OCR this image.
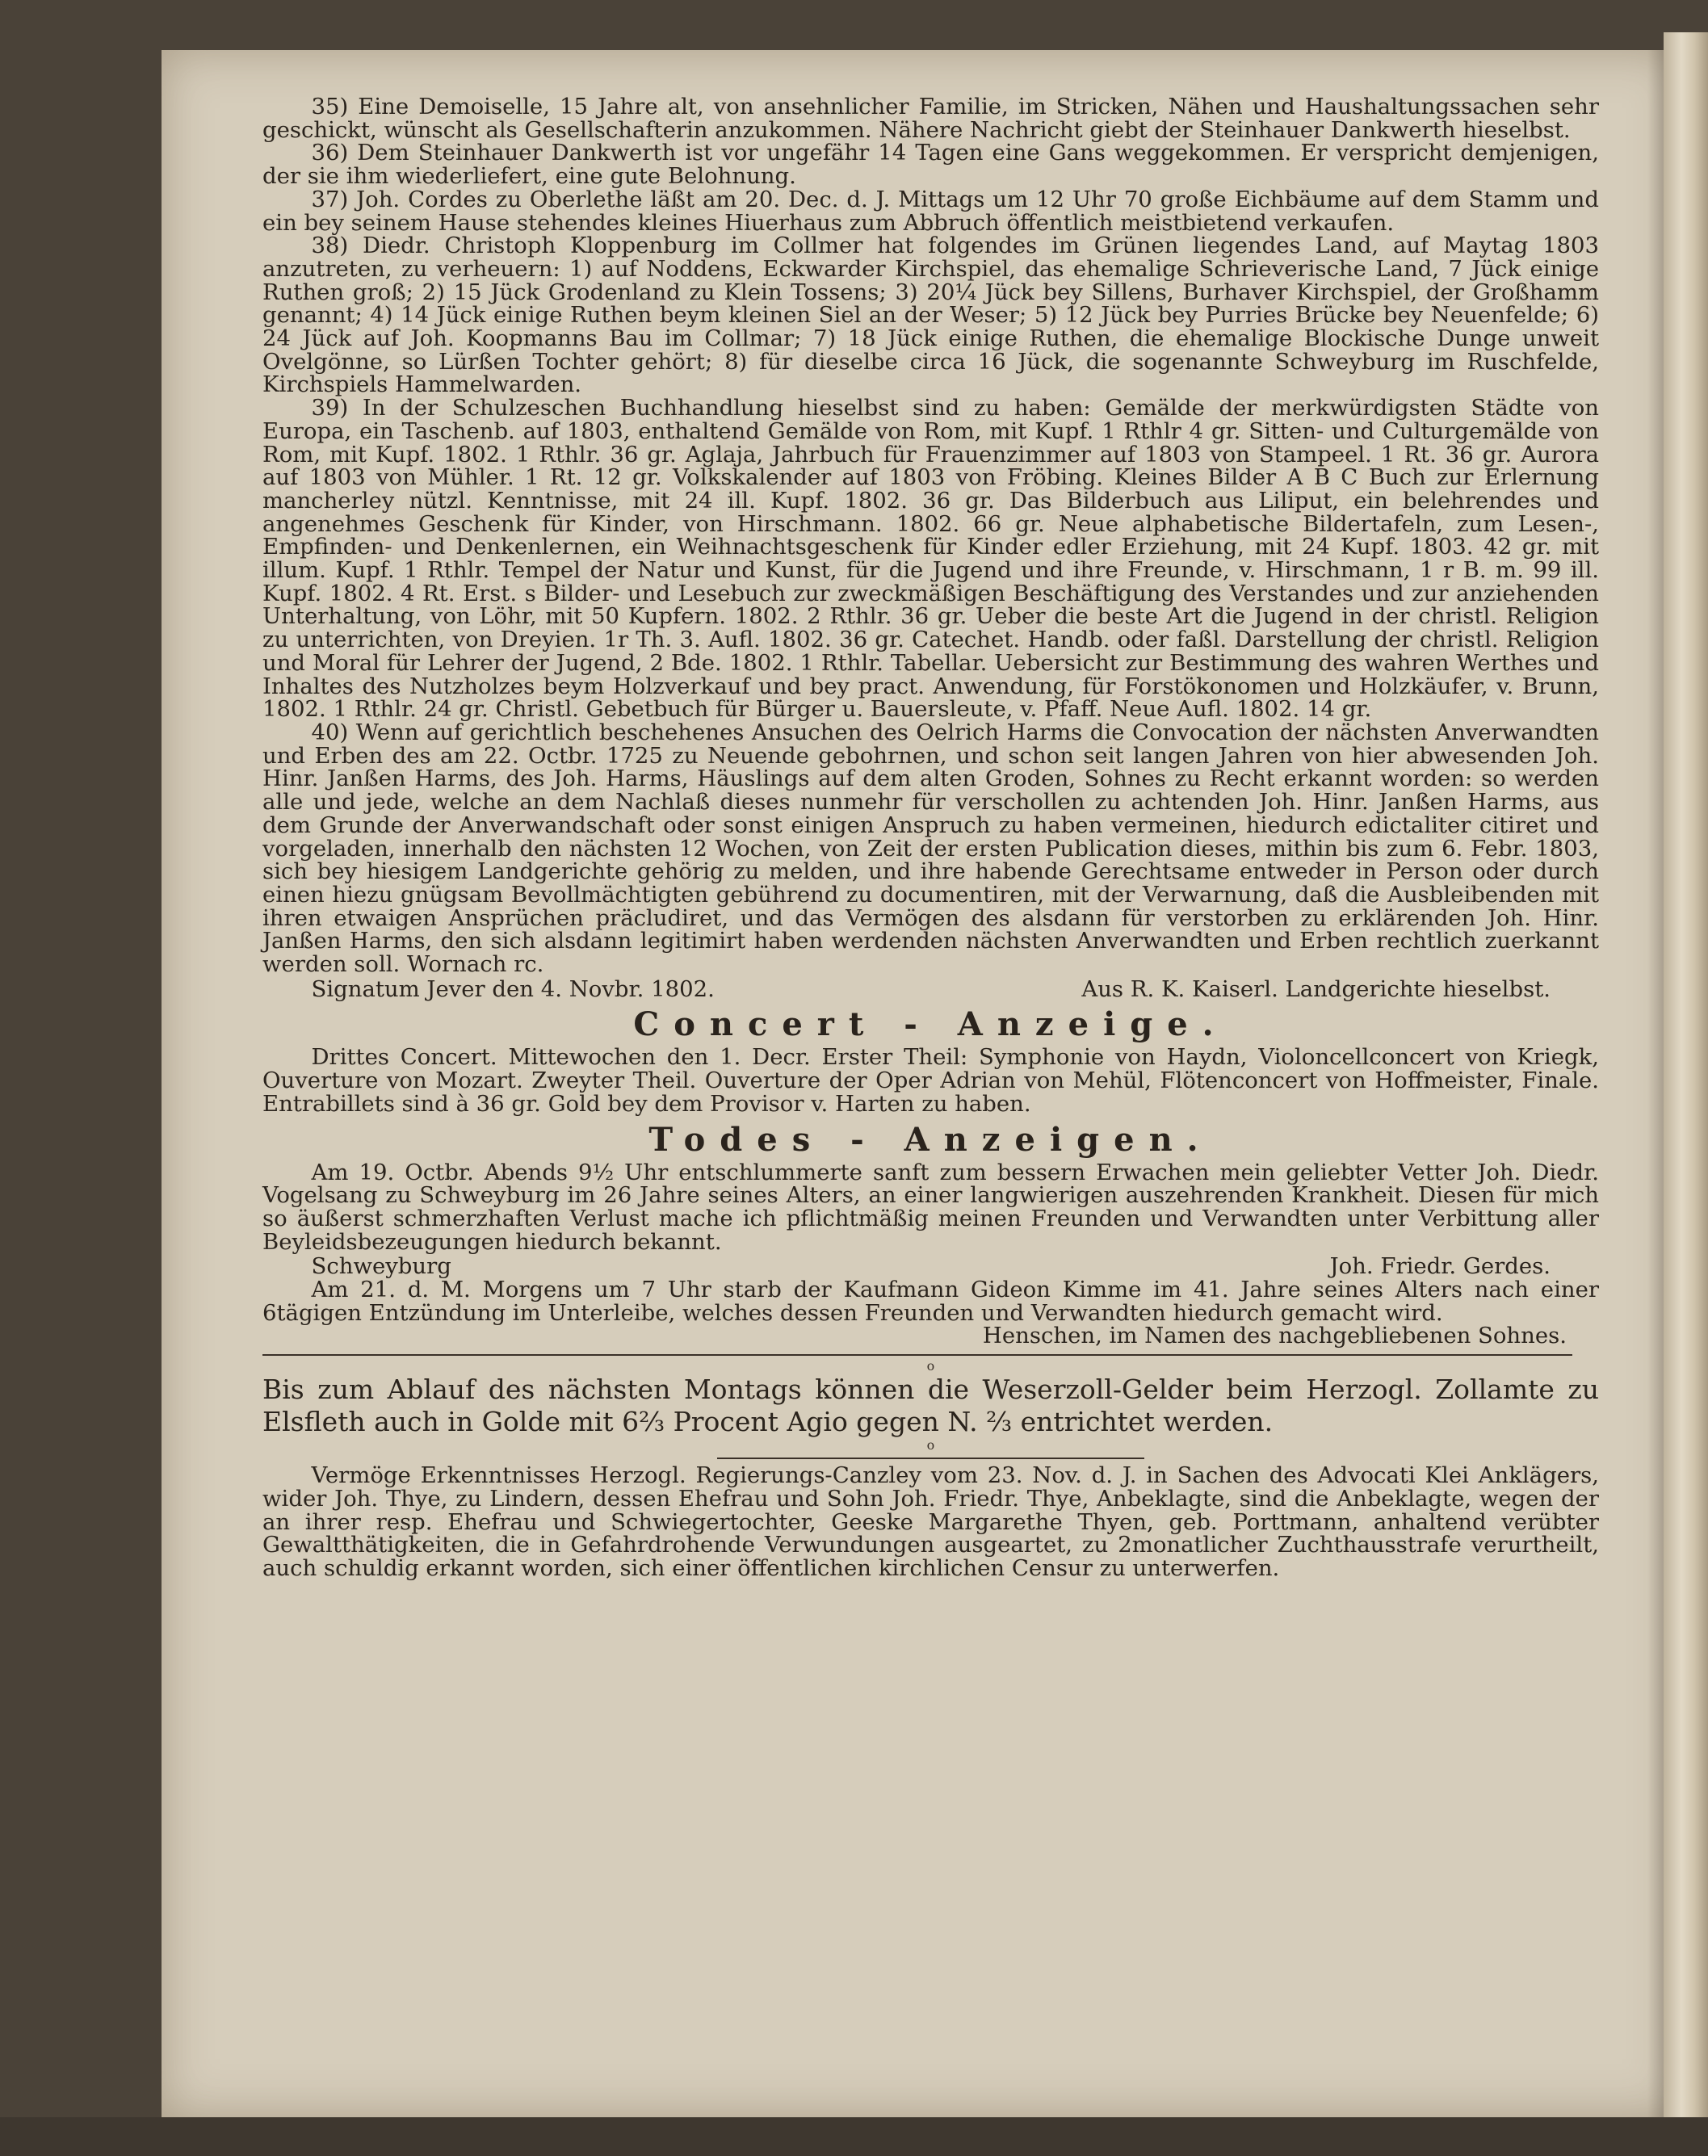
35) Eine Demoiselle, 15 Jahre alt, von ansehnlicher Familie, im Stricken, Nähen und Haushaltungssachen sehr geschickt, wünscht als Gesellschafterin anzukommen. Nähere Nachricht giebt der Steinhauer Dankwerth hieselbst.

36) Dem Steinhauer Dankwerth ist vor ungefähr 14 Tagen eine Gans weggekommen. Er verspricht demjenigen, der sie ihm wiederliefert, eine gute Belohnung.

37) Joh. Cordes zu Oberlethe läßt am 20. Dec. d. J. Mittags um 12 Uhr 70 große Eichbäume auf dem Stamm und ein bey seinem Hause stehendes kleines Hiuerhaus zum Abbruch öffentlich meistbietend verkaufen.

38) Diedr. Christoph Kloppenburg im Collmer hat folgendes im Grünen liegendes Land, auf Maytag 1803 anzutreten, zu verheuern: 1) auf Noddens, Eckwarder Kirchspiel, das ehemalige Schrieverische Land, 7 Jück einige Ruthen groß; 2) 15 Jück Grodenland zu Klein Tossens; 3) 20¼ Jück bey Sillens, Burhaver Kirchspiel, der Großhamm genannt; 4) 14 Jück einige Ruthen beym kleinen Siel an der Weser; 5) 12 Jück bey Purries Brücke bey Neuenfelde; 6) 24 Jück auf Joh. Koopmanns Bau im Collmar; 7) 18 Jück einige Ruthen, die ehemalige Blockische Dunge unweit Ovelgönne, so Lürßen Tochter gehört; 8) für dieselbe circa 16 Jück, die sogenannte Schweyburg im Ruschfelde, Kirchspiels Hammelwarden.

39) In der Schulzeschen Buchhandlung hieselbst sind zu haben: Gemälde der merkwürdigsten Städte von Europa, ein Taschenb. auf 1803, enthaltend Gemälde von Rom, mit Kupf. 1 Rthlr 4 gr. Sitten- und Culturgemälde von Rom, mit Kupf. 1802. 1 Rthlr. 36 gr. Aglaja, Jahrbuch für Frauenzimmer auf 1803 von Stampeel. 1 Rt. 36 gr. Aurora auf 1803 von Mühler. 1 Rt. 12 gr. Volkskalender auf 1803 von Fröbing. Kleines Bilder A B C Buch zur Erlernung mancherley nützl. Kenntnisse, mit 24 ill. Kupf. 1802. 36 gr. Das Bilderbuch aus Liliput, ein belehrendes und angenehmes Geschenk für Kinder, von Hirschmann. 1802. 66 gr. Neue alphabetische Bildertafeln, zum Lesen-, Empfinden- und Denkenlernen, ein Weihnachtsgeschenk für Kinder edler Erziehung, mit 24 Kupf. 1803. 42 gr. mit illum. Kupf. 1 Rthlr. Tempel der Natur und Kunst, für die Jugend und ihre Freunde, v. Hirschmann, 1 r B. m. 99 ill. Kupf. 1802. 4 Rt. Erst. s Bilder- und Lesebuch zur zweckmäßigen Beschäftigung des Verstandes und zur anziehenden Unterhaltung, von Löhr, mit 50 Kupfern. 1802. 2 Rthlr. 36 gr. Ueber die beste Art die Jugend in der christl. Religion zu unterrichten, von Dreyien. 1r Th. 3. Aufl. 1802. 36 gr. Catechet. Handb. oder faßl. Darstellung der christl. Religion und Moral für Lehrer der Jugend, 2 Bde. 1802. 1 Rthlr. Tabellar. Uebersicht zur Bestimmung des wahren Werthes und Inhaltes des Nutzholzes beym Holzverkauf und bey pract. Anwendung, für Forstökonomen und Holzkäufer, v. Brunn, 1802. 1 Rthlr. 24 gr. Christl. Gebetbuch für Bürger u. Bauersleute, v. Pfaff. Neue Aufl. 1802. 14 gr.

40) Wenn auf gerichtlich beschehenes Ansuchen des Oelrich Harms die Convocation der nächsten Anverwandten und Erben des am 22. Octbr. 1725 zu Neuende gebohrnen, und schon seit langen Jahren von hier abwesenden Joh. Hinr. Janßen Harms, des Joh. Harms, Häuslings auf dem alten Groden, Sohnes zu Recht erkannt worden: so werden alle und jede, welche an dem Nachlaß dieses nunmehr für verschollen zu achtenden Joh. Hinr. Janßen Harms, aus dem Grunde der Anverwandschaft oder sonst einigen Anspruch zu haben vermeinen, hiedurch edictaliter citiret und vorgeladen, innerhalb den nächsten 12 Wochen, von Zeit der ersten Publication dieses, mithin bis zum 6. Febr. 1803, sich bey hiesigem Landgerichte gehörig zu melden, und ihre habende Gerechtsame entweder in Person oder durch einen hiezu gnügsam Bevollmächtigten gebührend zu documentiren, mit der Verwarnung, daß die Ausbleibenden mit ihren etwaigen Ansprüchen präcludiret, und das Vermögen des alsdann für verstorben zu erklärenden Joh. Hinr. Janßen Harms, den sich alsdann legitimirt haben werdenden nächsten Anverwandten und Erben rechtlich zuerkannt werden soll. Wornach rc.

Signatum Jever den 4. Novbr. 1802.	Aus R. K. Kaiserl. Landgerichte hieselbst.

Concert - Anzeige.

Drittes Concert. Mittewochen den 1. Decr. Erster Theil: Symphonie von Haydn, Violoncellconcert von Kriegk, Ouverture von Mozart. Zweyter Theil. Ouverture der Oper Adrian von Mehül, Flötenconcert von Hoffmeister, Finale. Entrabillets sind à 36 gr. Gold bey dem Provisor v. Harten zu haben.

Todes - Anzeigen.

Am 19. Octbr. Abends 9½ Uhr entschlummerte sanft zum bessern Erwachen mein geliebter Vetter Joh. Diedr. Vogelsang zu Schweyburg im 26 Jahre seines Alters, an einer langwierigen auszehrenden Krankheit. Diesen für mich so äußerst schmerzhaften Verlust mache ich pflichtmäßig meinen Freunden und Verwandten unter Verbittung aller Beyleidsbezeugungen hiedurch bekannt.

Schweyburg	Joh. Friedr. Gerdes.

Am 21. d. M. Morgens um 7 Uhr starb der Kaufmann Gideon Kimme im 41. Jahre seines Alters nach einer 6tägigen Entzündung im Unterleibe, welches dessen Freunden und Verwandten hiedurch gemacht wird.

Henschen, im Namen des nachgebliebenen Sohnes.

o

Bis zum Ablauf des nächsten Montags können die Weserzoll-Gelder beim Herzogl. Zollamte zu Elsfleth auch in Golde mit 6⅔ Procent Agio gegen N. ⅔ entrichtet werden.

o

Vermöge Erkenntnisses Herzogl. Regierungs-Canzley vom 23. Nov. d. J. in Sachen des Advocati Klei Anklägers, wider Joh. Thye, zu Lindern, dessen Ehefrau und Sohn Joh. Friedr. Thye, Anbeklagte, sind die Anbeklagte, wegen der an ihrer resp. Ehefrau und Schwiegertochter, Geeske Margarethe Thyen, geb. Porttmann, anhaltend verübter Gewaltthätigkeiten, die in Gefahrdrohende Verwundungen ausgeartet, zu 2monatlicher Zuchthausstrafe verurtheilt, auch schuldig erkannt worden, sich einer öffentlichen kirchlichen Censur zu unterwerfen.
